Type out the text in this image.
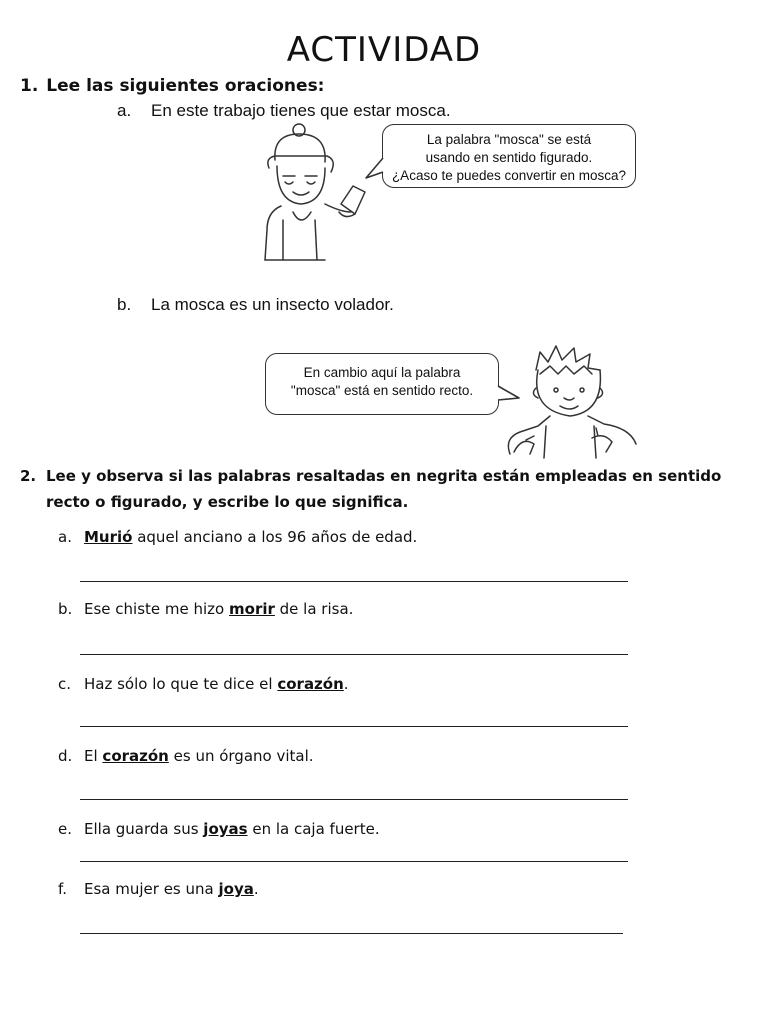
ACTIVIDAD

1. Lee las siguientes oraciones:

a. En este trabajo tienes que estar mosca.
La palabra "mosca" se está
usando en sentido figurado.
¿Acaso te puedes convertir en mosca?
b. La mosca es un insecto volador.
En cambio aquí la palabra
"mosca" está en sentido recto.
2. Lee y observa si las palabras resaltadas en negrita están empleadas en sentido recto o figurado, y escribe lo que significa.
a. Murió aquel anciano a los 96 años de edad.
b. Ese chiste me hizo morir de la risa.
c. Haz sólo lo que te dice el corazón.
d. El corazón es un órgano vital.
e. Ella guarda sus joyas en la caja fuerte.
f. Esa mujer es una joya.
